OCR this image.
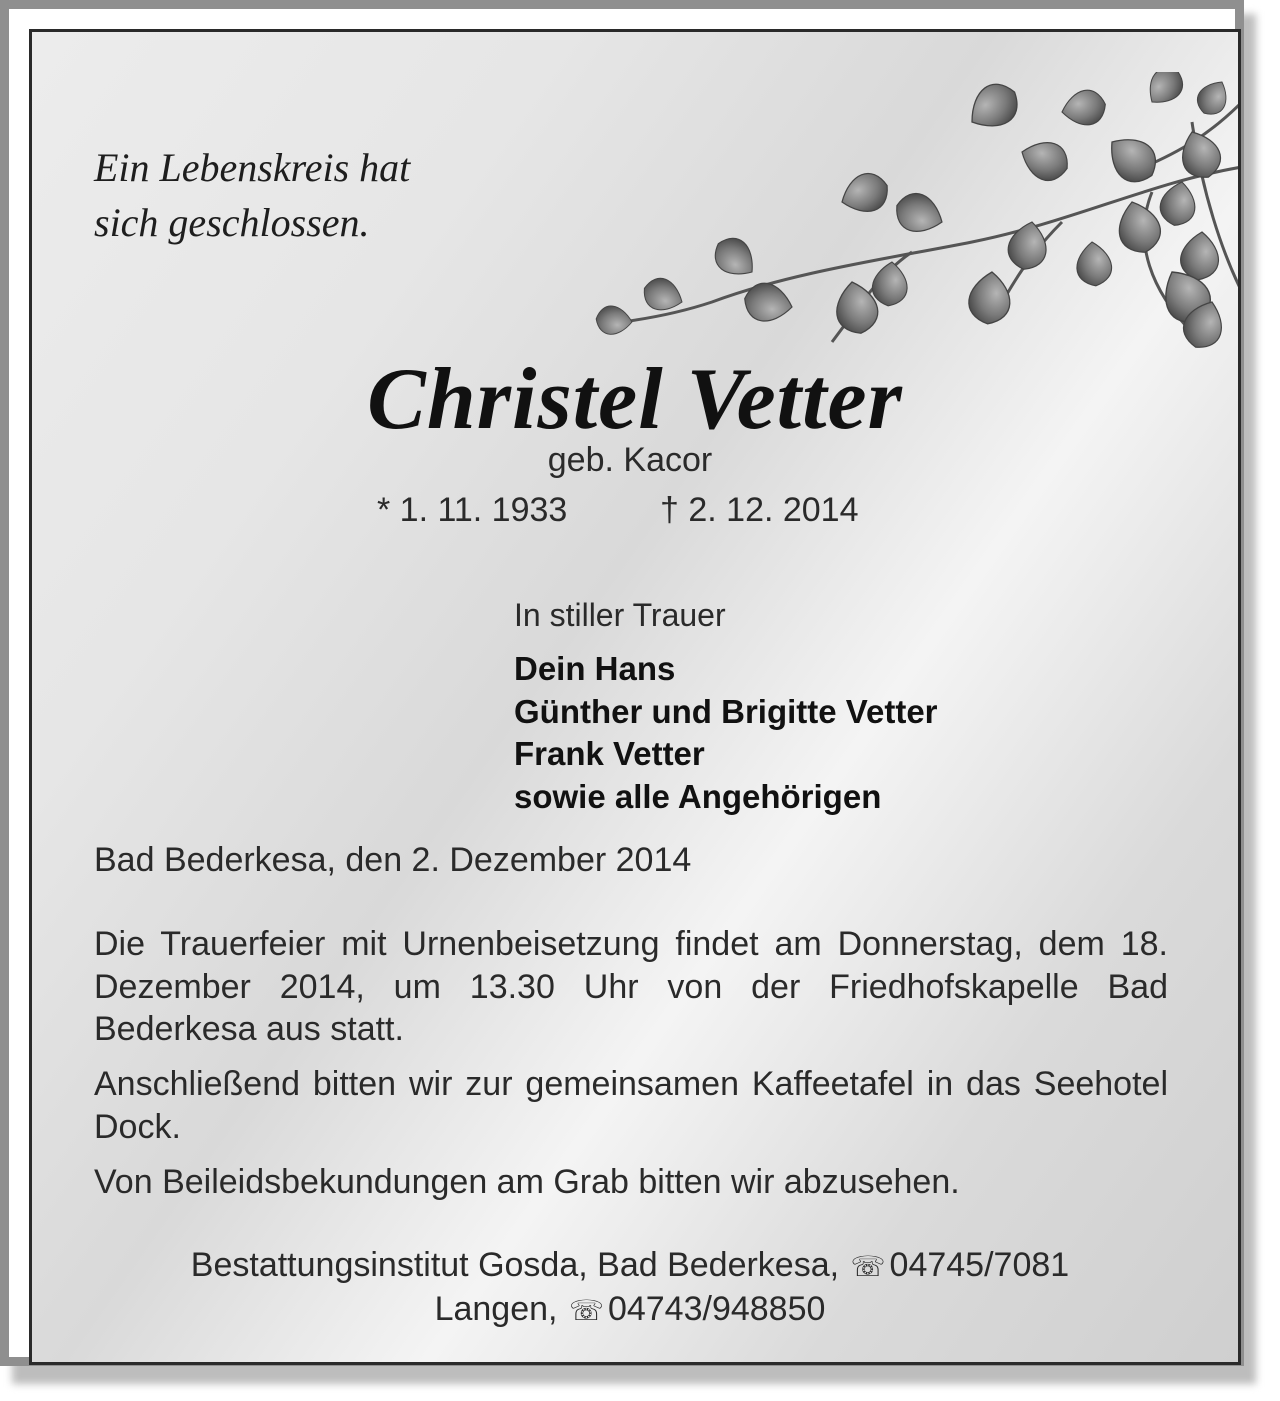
Ein Lebenskreis hat
sich geschlossen.

Christel Vetter
geb. Kacor
* 1. 11. 1933	† 2. 12. 2014

In stiller Trauer

Dein Hans
Günther und Brigitte Vetter
Frank Vetter
sowie alle Angehörigen

Bad Bederkesa, den 2. Dezember 2014

Die Trauerfeier mit Urnenbeisetzung findet am Donnerstag, dem 18. Dezember 2014, um 13.30 Uhr von der Friedhofskapelle Bad Bederkesa aus statt.

Anschließend bitten wir zur gemeinsamen Kaffeetafel in das Seehotel Dock.

Von Beileidsbekundungen am Grab bitten wir abzusehen.

Bestattungsinstitut Gosda, Bad Bederkesa, ☏ 04745/7081
Langen, ☏ 04743/948850
